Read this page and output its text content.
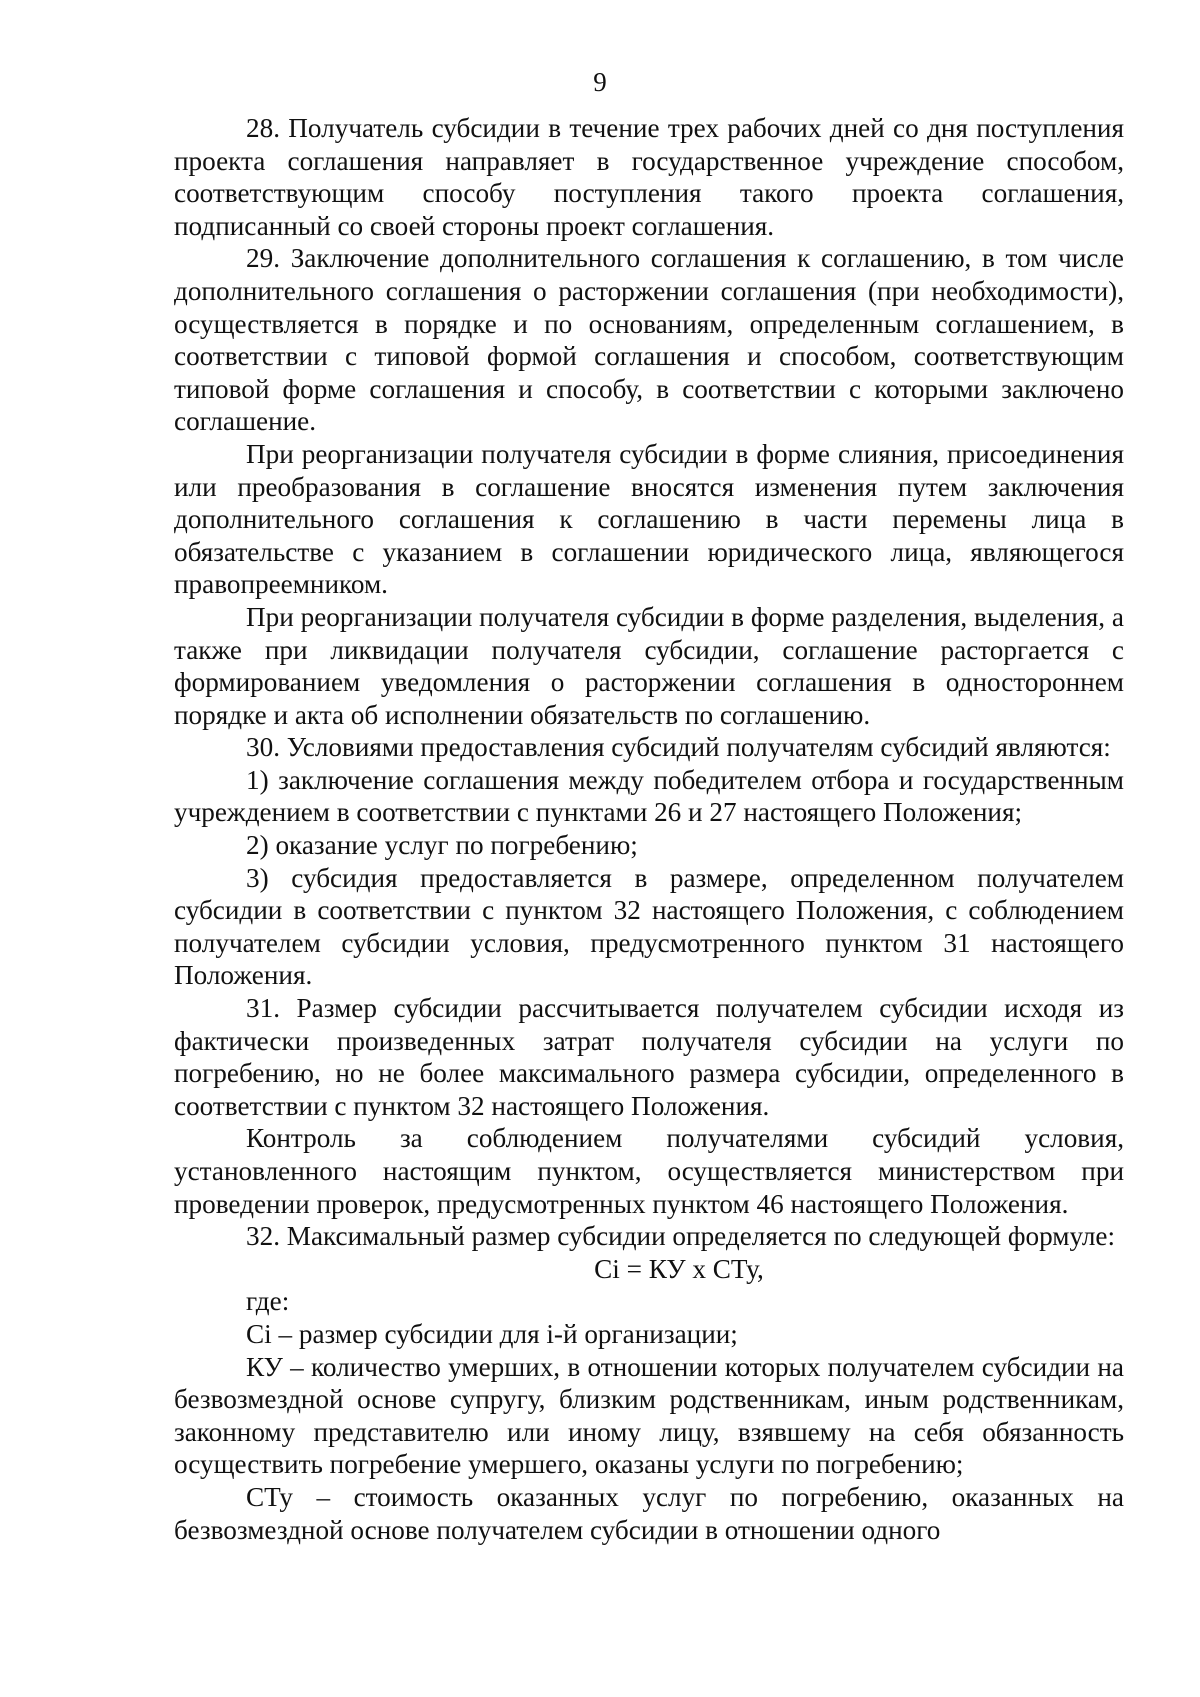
9

28. Получатель субсидии в течение трех рабочих дней со дня поступления проекта соглашения направляет в государственное учреждение способом, соответствующим способу поступления такого проекта соглашения, подписанный со своей стороны проект соглашения.

29. Заключение дополнительного соглашения к соглашению, в том числе дополнительного соглашения о расторжении соглашения (при необходимости), осуществляется в порядке и по основаниям, определенным соглашением, в соответствии с типовой формой соглашения и способом, соответствующим типовой форме соглашения и способу, в соответствии с которыми заключено соглашение.

При реорганизации получателя субсидии в форме слияния, присоединения или преобразования в соглашение вносятся изменения путем заключения дополнительного соглашения к соглашению в части перемены лица в обязательстве с указанием в соглашении юридического лица, являющегося правопреемником.

При реорганизации получателя субсидии в форме разделения, выделения, а также при ликвидации получателя субсидии, соглашение расторгается с формированием уведомления о расторжении соглашения в одностороннем порядке и акта об исполнении обязательств по соглашению.

30. Условиями предоставления субсидий получателям субсидий являются:

1) заключение соглашения между победителем отбора и государственным учреждением в соответствии с пунктами 26 и 27 настоящего Положения;

2) оказание услуг по погребению;

3) субсидия предоставляется в размере, определенном получателем субсидии в соответствии с пунктом 32 настоящего Положения, с соблюдением получателем субсидии условия, предусмотренного пунктом 31 настоящего Положения.

31. Размер субсидии рассчитывается получателем субсидии исходя из фактически произведенных затрат получателя субсидии на услуги по погребению, но не более максимального размера субсидии, определенного в соответствии с пунктом 32 настоящего Положения.

Контроль за соблюдением получателями субсидий условия, установленного настоящим пунктом, осуществляется министерством при проведении проверок, предусмотренных пунктом 46 настоящего Положения.

32. Максимальный размер субсидии определяется по следующей формуле:

Сi = КУ х СТу,

где:

Сi – размер субсидии для i-й организации;

КУ – количество умерших, в отношении которых получателем субсидии на безвозмездной основе супругу, близким родственникам, иным родственникам, законному представителю или иному лицу, взявшему на себя обязанность осуществить погребение умершего, оказаны услуги по погребению;

СТу – стоимость оказанных услуг по погребению, оказанных на безвозмездной основе получателем субсидии в отношении одного
